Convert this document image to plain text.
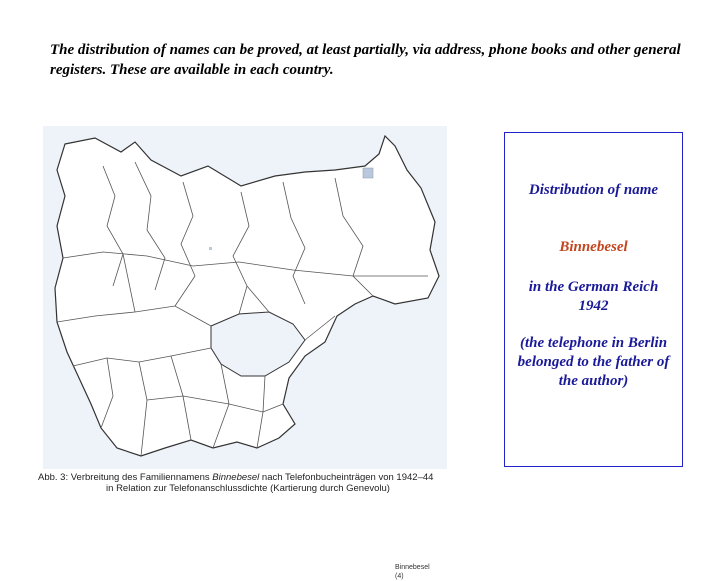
The distribution of names can be proved, at least partially, via address, phone books and other general registers. These are available in each country.
Binnebesel
(4)
Abb. 3: Verbreitung des Familiennamens Binnebesel nach Telefonbucheinträgen von 1942–44
in Relation zur Telefonanschlussdichte (Kartierung durch Genevolu)
Distribution of name
Binnebesel
in the German Reich 1942
(the telephone in Berlin belonged to the father of the author)
